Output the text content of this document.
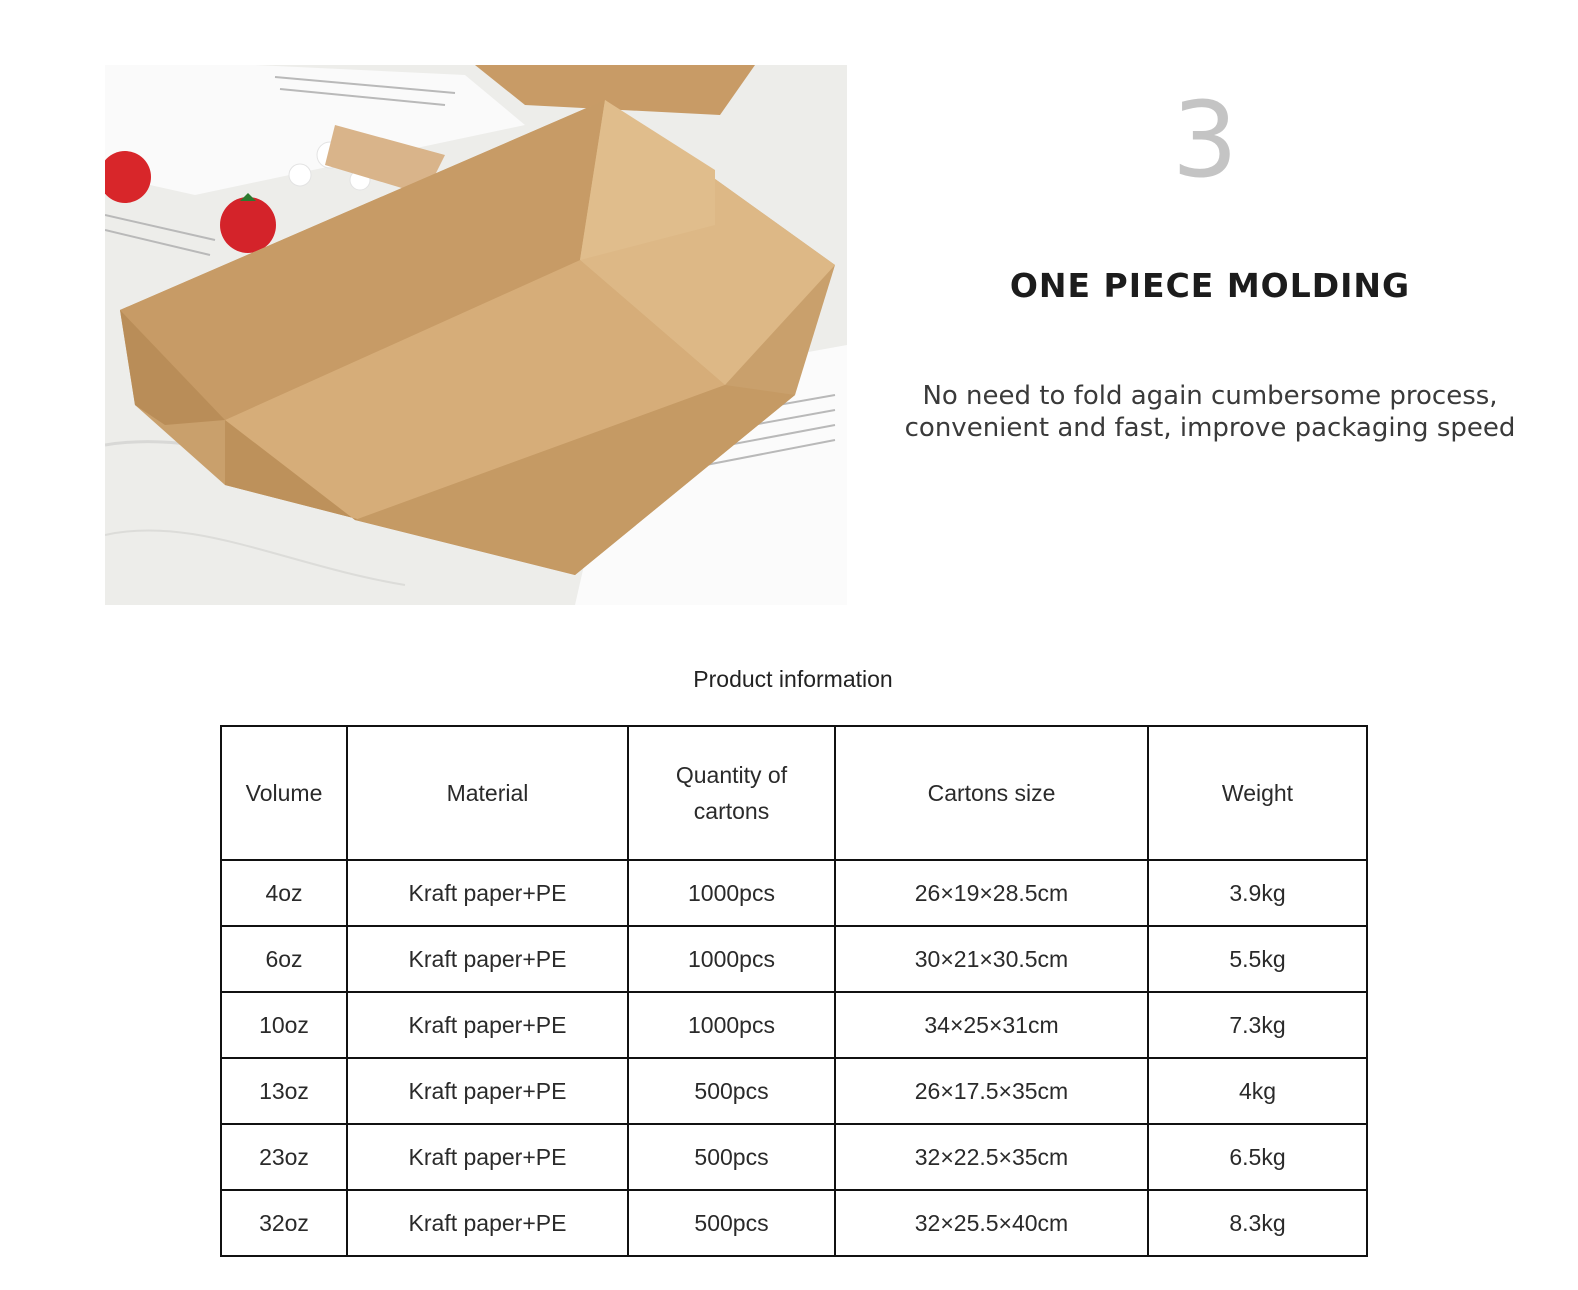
3
ONE PIECE MOLDING
No need to fold again cumbersome process,
convenient and fast, improve packaging speed
Product information
Volume	Material	Quantity of cartons	Cartons size	Weight
4oz	Kraft paper+PE	1000pcs	26×19×28.5cm	3.9kg
6oz	Kraft paper+PE	1000pcs	30×21×30.5cm	5.5kg
10oz	Kraft paper+PE	1000pcs	34×25×31cm	7.3kg
13oz	Kraft paper+PE	500pcs	26×17.5×35cm	4kg
23oz	Kraft paper+PE	500pcs	32×22.5×35cm	6.5kg
32oz	Kraft paper+PE	500pcs	32×25.5×40cm	8.3kg
